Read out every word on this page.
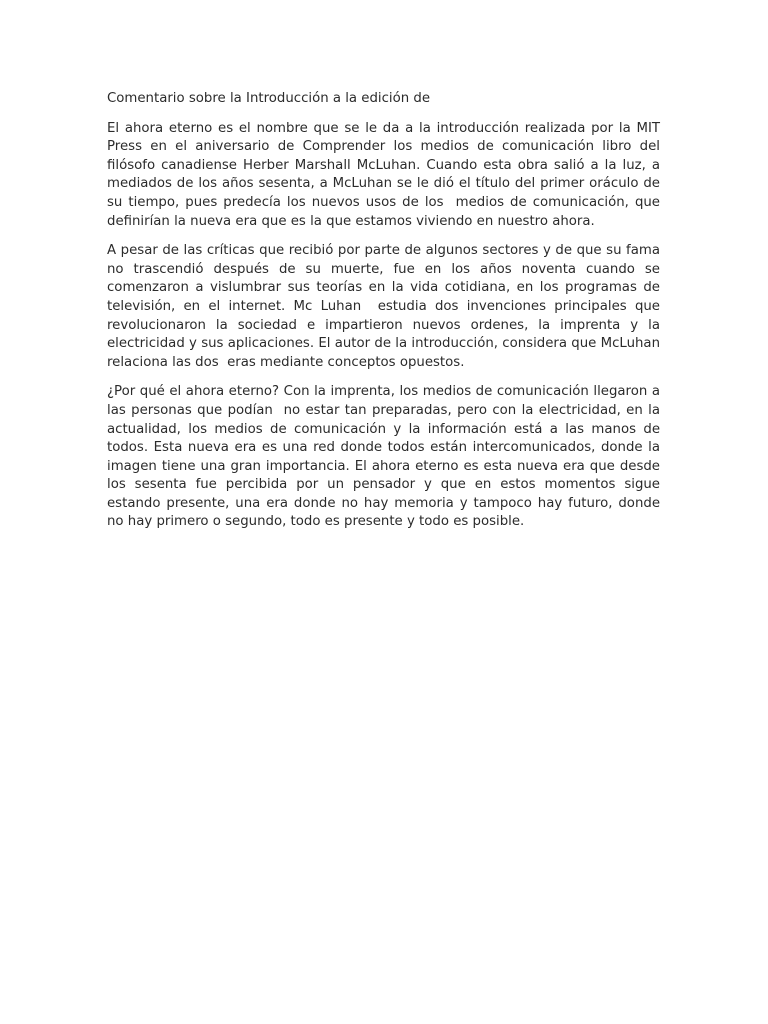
Comentario sobre la Introducción a la edición de

El ahora eterno es el nombre que se le da a la introducción realizada por la MIT Press en el aniversario de Comprender los medios de comunicación libro del filósofo canadiense Herber Marshall McLuhan. Cuando esta obra salió a la luz, a mediados de los años sesenta, a McLuhan se le dió el título del primer oráculo de su tiempo, pues predecía los nuevos usos de los  medios de comunicación, que definirían la nueva era que es la que estamos viviendo en nuestro ahora.

A pesar de las críticas que recibió por parte de algunos sectores y de que su fama no trascendió después de su muerte, fue en los años noventa cuando se comenzaron a vislumbrar sus teorías en la vida cotidiana, en los programas de televisión, en el internet. Mc Luhan  estudia dos invenciones principales que revolucionaron la sociedad e impartieron nuevos ordenes, la imprenta y la electricidad y sus aplicaciones. El autor de la introducción, considera que McLuhan relaciona las dos  eras mediante conceptos opuestos.

¿Por qué el ahora eterno? Con la imprenta, los medios de comunicación llegaron a las personas que podían  no estar tan preparadas, pero con la electricidad, en la actualidad, los medios de comunicación y la información está a las manos de todos. Esta nueva era es una red donde todos están intercomunicados, donde la imagen tiene una gran importancia. El ahora eterno es esta nueva era que desde los sesenta fue percibida por un pensador y que en estos momentos sigue estando presente, una era donde no hay memoria y tampoco hay futuro, donde no hay primero o segundo, todo es presente y todo es posible.
